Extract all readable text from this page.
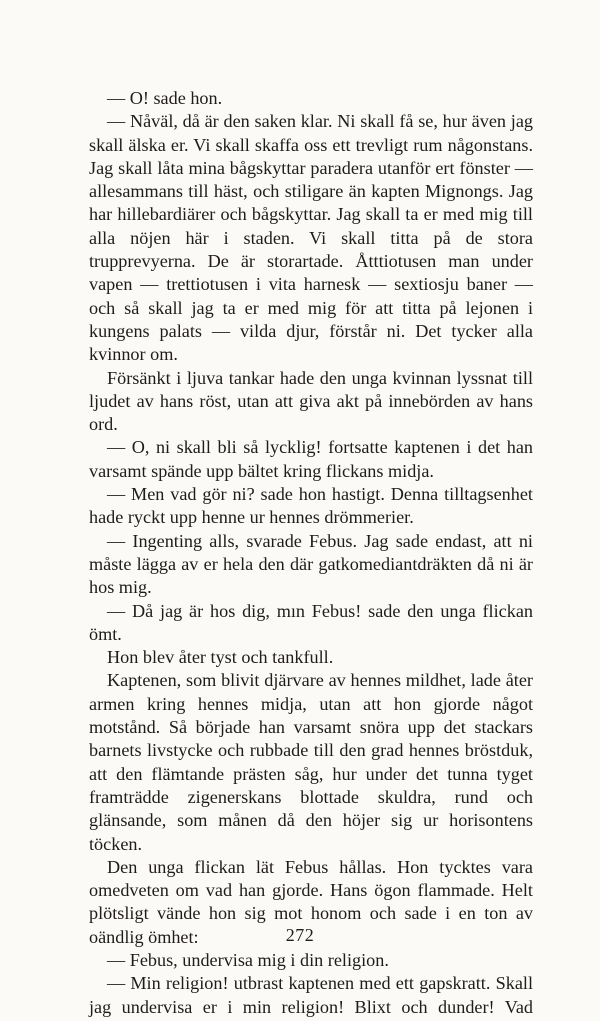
— O! sade hon.

— Nåväl, då är den saken klar. Ni skall få se, hur även jag skall älska er. Vi skall skaffa oss ett trevligt rum någonstans. Jag skall låta mina bågskyttar paradera utanför ert fönster — allesammans till häst, och stiligare än kapten Mignongs. Jag har hillebardiärer och bågskyttar. Jag skall ta er med mig till alla nöjen här i staden. Vi skall titta på de stora trupprevyerna. De är storartade. Åtttiotusen man under vapen — trettiotusen i vita harnesk — sextiosju baner — och så skall jag ta er med mig för att titta på lejonen i kungens palats — vilda djur, förstår ni. Det tycker alla kvinnor om.

Försänkt i ljuva tankar hade den unga kvinnan lyssnat till ljudet av hans röst, utan att giva akt på innebörden av hans ord.

— O, ni skall bli så lycklig! fortsatte kaptenen i det han varsamt spände upp bältet kring flickans midja.

— Men vad gör ni? sade hon hastigt. Denna tilltagsenhet hade ryckt upp henne ur hennes drömmerier.

— Ingenting alls, svarade Febus. Jag sade endast, att ni måste lägga av er hela den där gatkomediantdräkten då ni är hos mig.

— Då jag är hos dig, mın Febus! sade den unga flickan ömt.

Hon blev åter tyst och tankfull.

Kaptenen, som blivit djärvare av hennes mildhet, lade åter armen kring hennes midja, utan att hon gjorde något motstånd. Så började han varsamt snöra upp det stackars barnets livstycke och rubbade till den grad hennes bröstduk, att den flämtande prästen såg, hur under det tunna tyget framträdde zigenerskans blottade skuldra, rund och glänsande, som månen då den höjer sig ur horisontens töcken.

Den unga flickan lät Febus hållas. Hon tycktes vara omedveten om vad han gjorde. Hans ögon flammade. Helt plötsligt vände hon sig mot honom och sade i en ton av oändlig ömhet:

— Febus, undervisa mig i din religion.

— Min religion! utbrast kaptenen med ett gapskratt. Skall jag undervisa er i min religion! Blixt och dunder! Vad

272
